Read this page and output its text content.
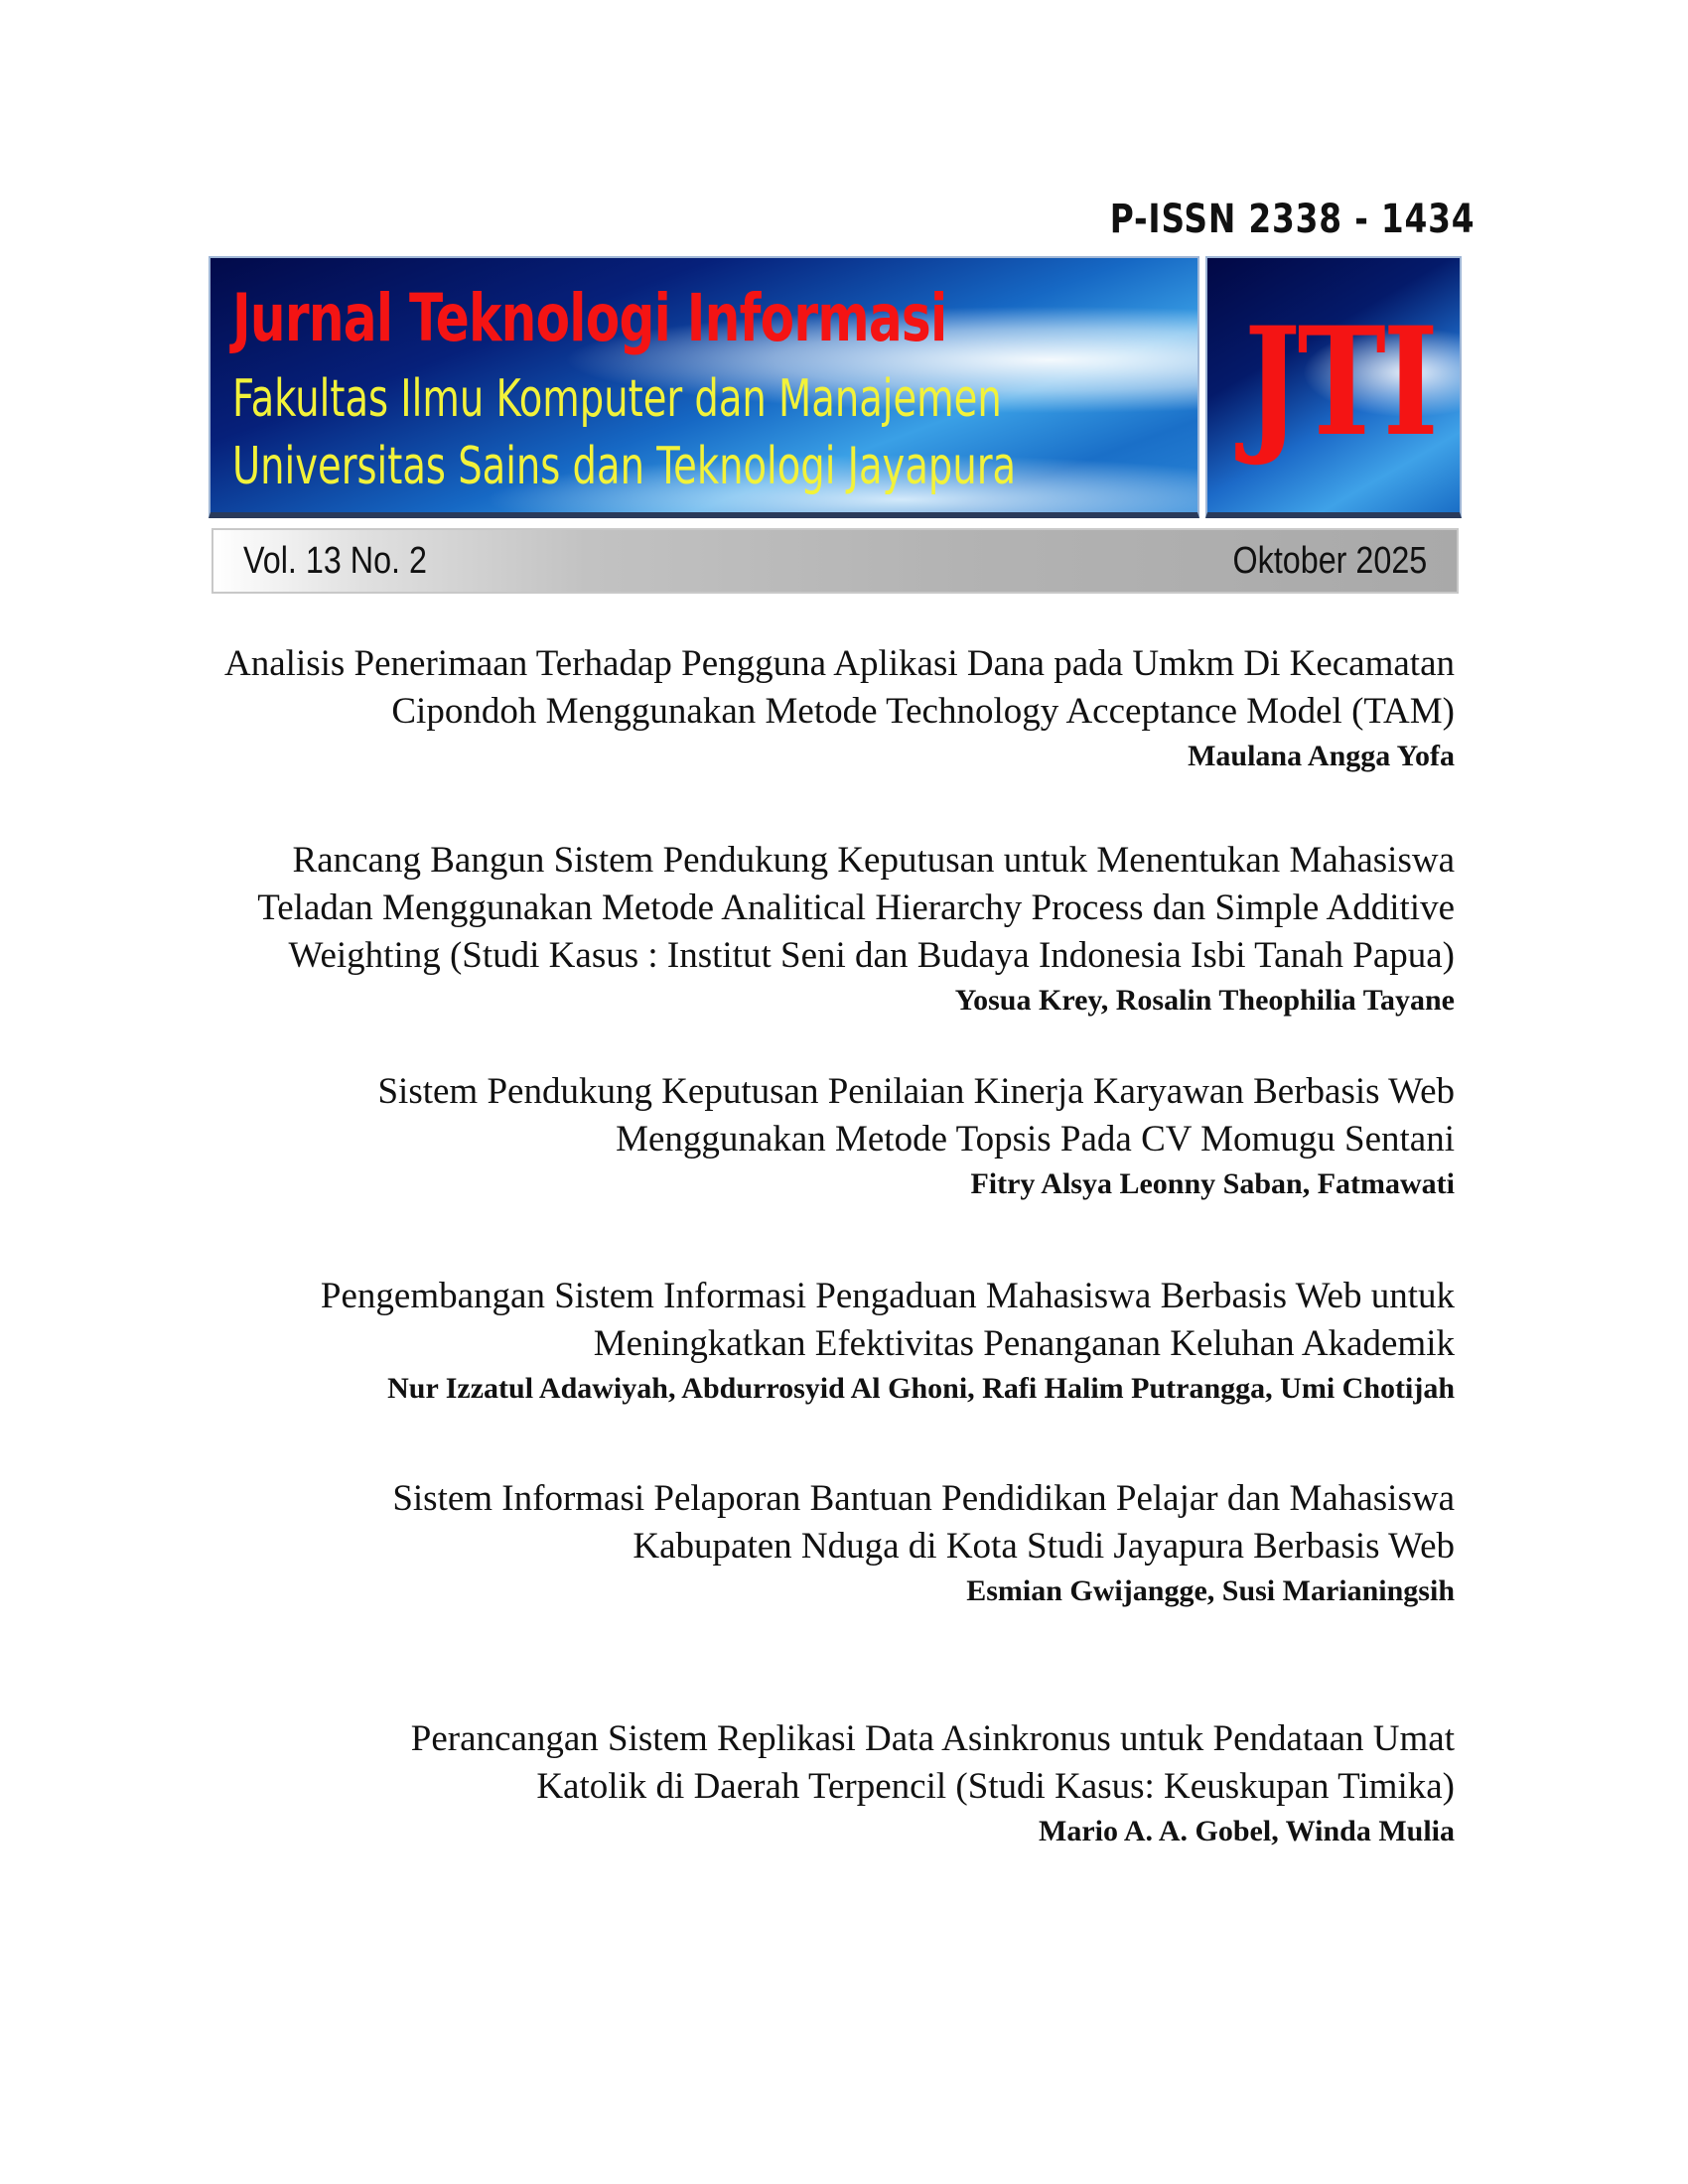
P-ISSN 2338 - 1434
Jurnal Teknologi Informasi
Fakultas Ilmu Komputer dan Manajemen
Universitas Sains dan Teknologi Jayapura JTI
Vol. 13 No. 2	Oktober 2025

Analisis Penerimaan Terhadap Pengguna Aplikasi Dana pada Umkm Di Kecamatan

Cipondoh Menggunakan Metode Technology Acceptance Model (TAM)

Maulana Angga Yofa

Rancang Bangun Sistem Pendukung Keputusan untuk Menentukan Mahasiswa

Teladan Menggunakan Metode Analitical Hierarchy Process dan Simple Additive

Weighting (Studi Kasus : Institut Seni dan Budaya Indonesia Isbi Tanah Papua)

Yosua Krey, Rosalin Theophilia Tayane

Sistem Pendukung Keputusan Penilaian Kinerja Karyawan Berbasis Web

Menggunakan Metode Topsis Pada CV Momugu Sentani

Fitry Alsya Leonny Saban, Fatmawati

Pengembangan Sistem Informasi Pengaduan Mahasiswa Berbasis Web untuk

Meningkatkan Efektivitas Penanganan Keluhan Akademik

Nur Izzatul Adawiyah, Abdurrosyid Al Ghoni, Rafi Halim Putrangga, Umi Chotijah

Sistem Informasi Pelaporan Bantuan Pendidikan Pelajar dan Mahasiswa

Kabupaten Nduga di Kota Studi Jayapura Berbasis Web

Esmian Gwijangge, Susi Marianingsih

Perancangan Sistem Replikasi Data Asinkronus untuk Pendataan Umat

Katolik di Daerah Terpencil (Studi Kasus: Keuskupan Timika)

Mario A. A. Gobel, Winda Mulia
